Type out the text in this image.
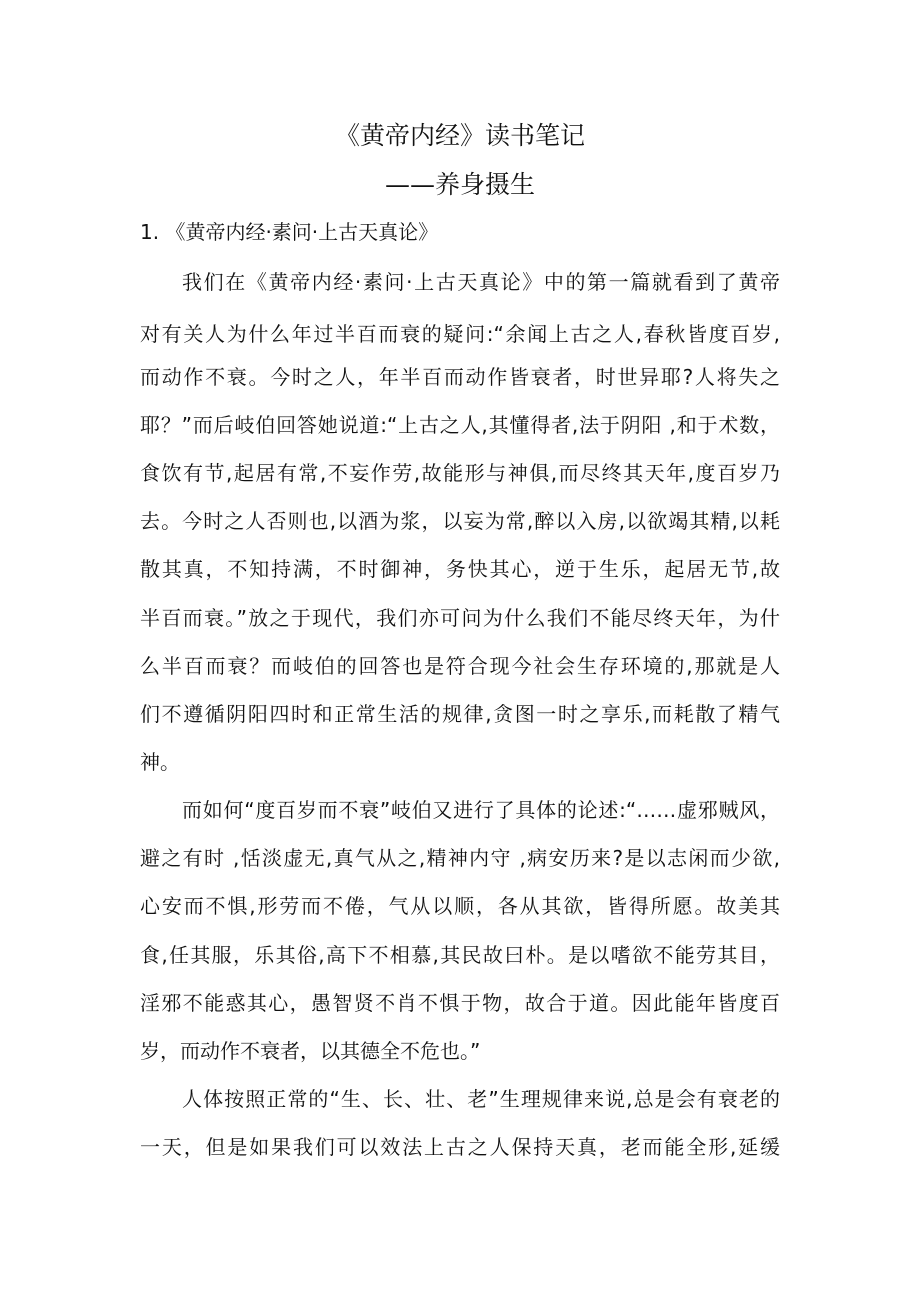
《黄帝内经》读书笔记
——养身摄生
1. 《黄帝内经·素问·上古天真论》
我们在《黄帝内经·素问·上古天真论》中的第一篇就看到了黄帝
对有关人为什么年过半百而衰的疑问:“余闻上古之人,春秋皆度百岁,
而动作不衰。今时之人，年半百而动作皆衰者，时世异耶?人将失之
耶？”而后岐伯回答她说道:“上古之人,其懂得者,法于阴阳 ,和于术数，
食饮有节,起居有常,不妄作劳,故能形与神俱,而尽终其天年,度百岁乃
去。今时之人否则也,以酒为浆，以妄为常,醉以入房,以欲竭其精,以耗
散其真，不知持满，不时御神，务快其心，逆于生乐，起居无节,故
半百而衰。”放之于现代，我们亦可问为什么我们不能尽终天年，为什
么半百而衰？而岐伯的回答也是符合现今社会生存环境的,那就是人
们不遵循阴阳四时和正常生活的规律,贪图一时之享乐,而耗散了精气
神。
而如何“度百岁而不衰”岐伯又进行了具体的论述:“……虚邪贼风，
避之有时 ,恬淡虚无,真气从之,精神内守 ,病安历来?是以志闲而少欲,
心安而不惧,形劳而不倦，气从以顺，各从其欲，皆得所愿。故美其
食,任其服，乐其俗,高下不相慕,其民故曰朴。是以嗜欲不能劳其目，
淫邪不能惑其心，愚智贤不肖不惧于物，故合于道。因此能年皆度百
岁，而动作不衰者，以其德全不危也。”
人体按照正常的“生、长、壮、老”生理规律来说,总是会有衰老的
一天，但是如果我们可以效法上古之人保持天真，老而能全形,延缓
